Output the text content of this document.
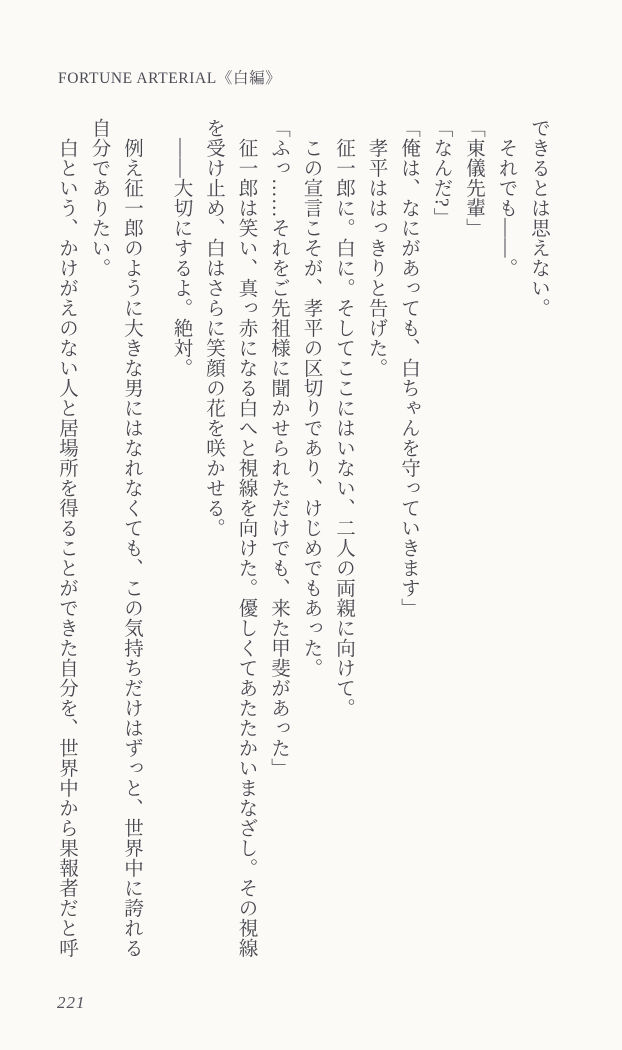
FORTUNE ARTERIAL《白編》

できるとは思えない。

それでも――。

「東儀先輩」

「なんだ?」

「俺は、なにがあっても、白ちゃんを守っていきます」

孝平ははっきりと告げた。

征一郎に。白に。そしてここにはいない、二人の両親に向けて。

この宣言こそが、孝平の区切りであり、けじめでもあった。

「ふっ……それをご先祖様に聞かせられただけでも、来た甲斐があった」

征一郎は笑い、真っ赤になる白へと視線を向けた。優しくてあたたかいまなざし。その視線

を受け止め、白はさらに笑顔の花を咲かせる。

――大切にするよ。絶対。

例え征一郎のように大きな男にはなれなくても、この気持ちだけはずっと、世界中に誇れる

自分でありたい。

白という、かけがえのない人と居場所を得ることができた自分を、世界中から果報者だと呼

221
